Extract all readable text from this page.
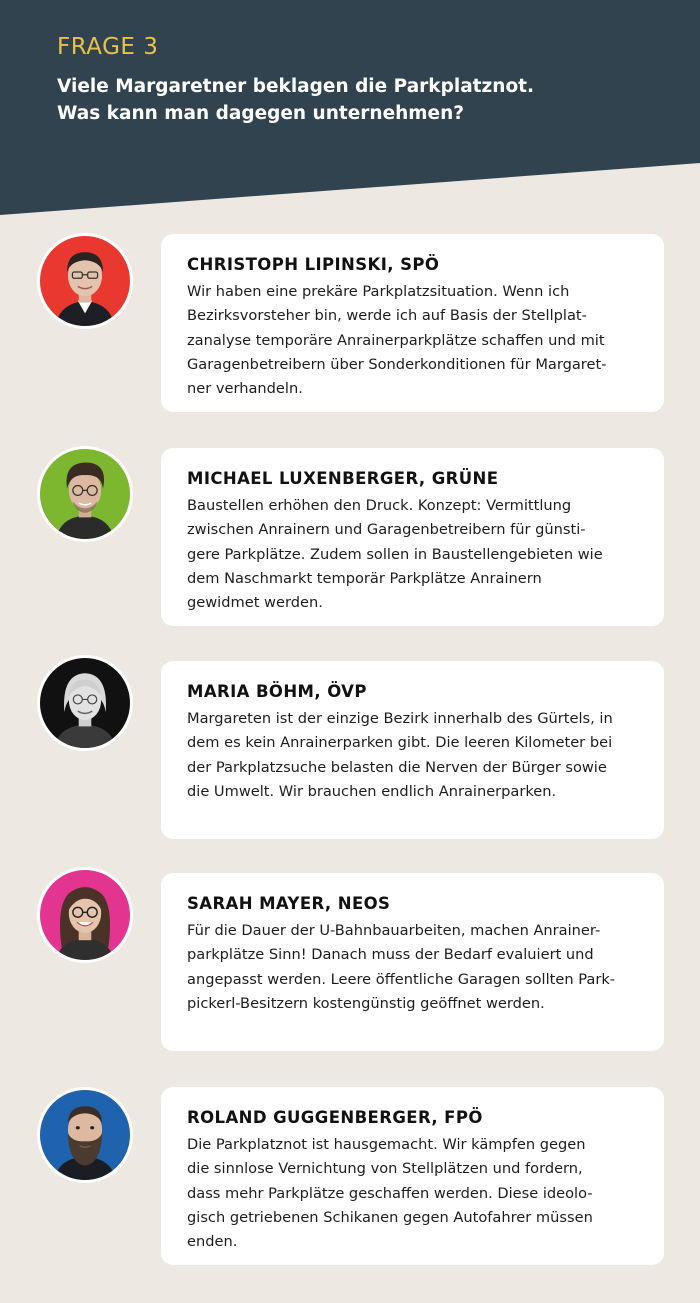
FRAGE 3
Viele Margaretner beklagen die Parkplatznot.
Was kann man dagegen unternehmen?
CHRISTOPH LIPINSKI, SPÖ
Wir haben eine prekäre Parkplatzsituation. Wenn ich
Bezirksvorsteher bin, werde ich auf Basis der Stellplat-
zanalyse temporäre Anrainerparkplätze schaffen und mit
Garagenbetreibern über Sonderkonditionen für Margaret-
ner verhandeln.
MICHAEL LUXENBERGER, GRÜNE
Baustellen erhöhen den Druck. Konzept: Vermittlung
zwischen Anrainern und Garagenbetreibern für günsti-
gere Parkplätze. Zudem sollen in Baustellengebieten wie
dem Naschmarkt temporär Parkplätze Anrainern
gewidmet werden.
MARIA BÖHM, ÖVP
Margareten ist der einzige Bezirk innerhalb des Gürtels, in
dem es kein Anrainerparken gibt. Die leeren Kilometer bei
der Parkplatzsuche belasten die Nerven der Bürger sowie
die Umwelt. Wir brauchen endlich Anrainerparken.
SARAH MAYER, NEOS
Für die Dauer der U-Bahnbauarbeiten, machen Anrainer-
parkplätze Sinn! Danach muss der Bedarf evaluiert und
angepasst werden. Leere öffentliche Garagen sollten Park-
pickerl-Besitzern kostengünstig geöffnet werden.
ROLAND GUGGENBERGER, FPÖ
Die Parkplatznot ist hausgemacht. Wir kämpfen gegen
die sinnlose Vernichtung von Stellplätzen und fordern,
dass mehr Parkplätze geschaffen werden. Diese ideolo-
gisch getriebenen Schikanen gegen Autofahrer müssen
enden.
